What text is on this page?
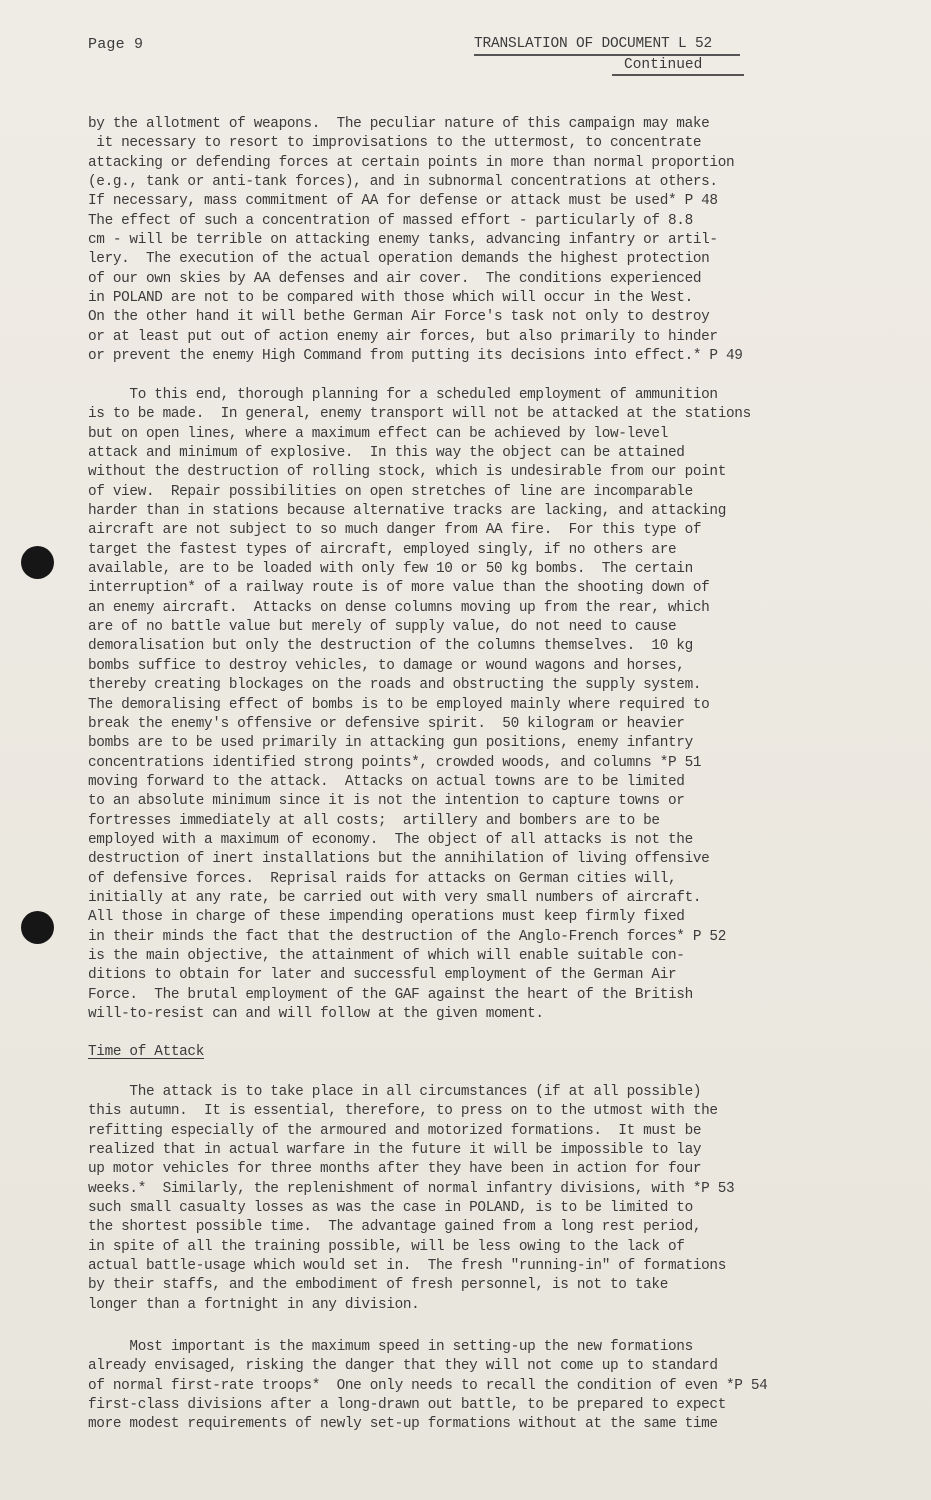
Page 9	TRANSLATION OF DOCUMENT L 52
Continued

by the allotment of weapons.  The peculiar nature of this campaign may make
it necessary to resort to improvisations to the uttermost, to concentrate
attacking or defending forces at certain points in more than normal proportion
(e.g., tank or anti-tank forces), and in subnormal concentrations at others.
If necessary, mass commitment of AA for defense or attack must be used* P 48
The effect of such a concentration of massed effort - particularly of 8.8
cm - will be terrible on attacking enemy tanks, advancing infantry or artil-
lery.  The execution of the actual operation demands the highest protection
of our own skies by AA defenses and air cover.  The conditions experienced
in POLAND are not to be compared with those which will occur in the West.
On the other hand it will bethe German Air Force's task not only to destroy
or at least put out of action enemy air forces, but also primarily to hinder
or prevent the enemy High Command from putting its decisions into effect.* P 49

To this end, thorough planning for a scheduled employment of ammunition
is to be made.  In general, enemy transport will not be attacked at the stations
but on open lines, where a maximum effect can be achieved by low-level
attack and minimum of explosive.  In this way the object can be attained
without the destruction of rolling stock, which is undesirable from our point
of view.  Repair possibilities on open stretches of line are incomparable
harder than in stations because alternative tracks are lacking, and attacking
aircraft are not subject to so much danger from AA fire.  For this type of
target the fastest types of aircraft, employed singly, if no others are
available, are to be loaded with only few 10 or 50 kg bombs.  The certain
interruption* of a railway route is of more value than the shooting down of
an enemy aircraft.  Attacks on dense columns moving up from the rear, which
are of no battle value but merely of supply value, do not need to cause
demoralisation but only the destruction of the columns themselves.  10 kg
bombs suffice to destroy vehicles, to damage or wound wagons and horses,
thereby creating blockages on the roads and obstructing the supply system.
The demoralising effect of bombs is to be employed mainly where required to
break the enemy's offensive or defensive spirit.  50 kilogram or heavier
bombs are to be used primarily in attacking gun positions, enemy infantry
concentrations identified strong points*, crowded woods, and columns *P 51
moving forward to the attack.  Attacks on actual towns are to be limited
to an absolute minimum since it is not the intention to capture towns or
fortresses immediately at all costs;  artillery and bombers are to be
employed with a maximum of economy.  The object of all attacks is not the
destruction of inert installations but the annihilation of living offensive
of defensive forces.  Reprisal raids for attacks on German cities will,
initially at any rate, be carried out with very small numbers of aircraft.
All those in charge of these impending operations must keep firmly fixed
in their minds the fact that the destruction of the Anglo-French forces* P 52
is the main objective, the attainment of which will enable suitable con-
ditions to obtain for later and successful employment of the German Air
Force.  The brutal employment of the GAF against the heart of the British
will-to-resist can and will follow at the given moment.

Time of Attack

The attack is to take place in all circumstances (if at all possible)
this autumn.  It is essential, therefore, to press on to the utmost with the
refitting especially of the armoured and motorized formations.  It must be
realized that in actual warfare in the future it will be impossible to lay
up motor vehicles for three months after they have been in action for four
weeks.*  Similarly, the replenishment of normal infantry divisions, with *P 53
such small casualty losses as was the case in POLAND, is to be limited to
the shortest possible time.  The advantage gained from a long rest period,
in spite of all the training possible, will be less owing to the lack of
actual battle-usage which would set in.  The fresh "running-in" of formations
by their staffs, and the embodiment of fresh personnel, is not to take
longer than a fortnight in any division.

Most important is the maximum speed in setting-up the new formations
already envisaged, risking the danger that they will not come up to standard
of normal first-rate troops*  One only needs to recall the condition of even *P 54
first-class divisions after a long-drawn out battle, to be prepared to expect
more modest requirements of newly set-up formations without at the same time
